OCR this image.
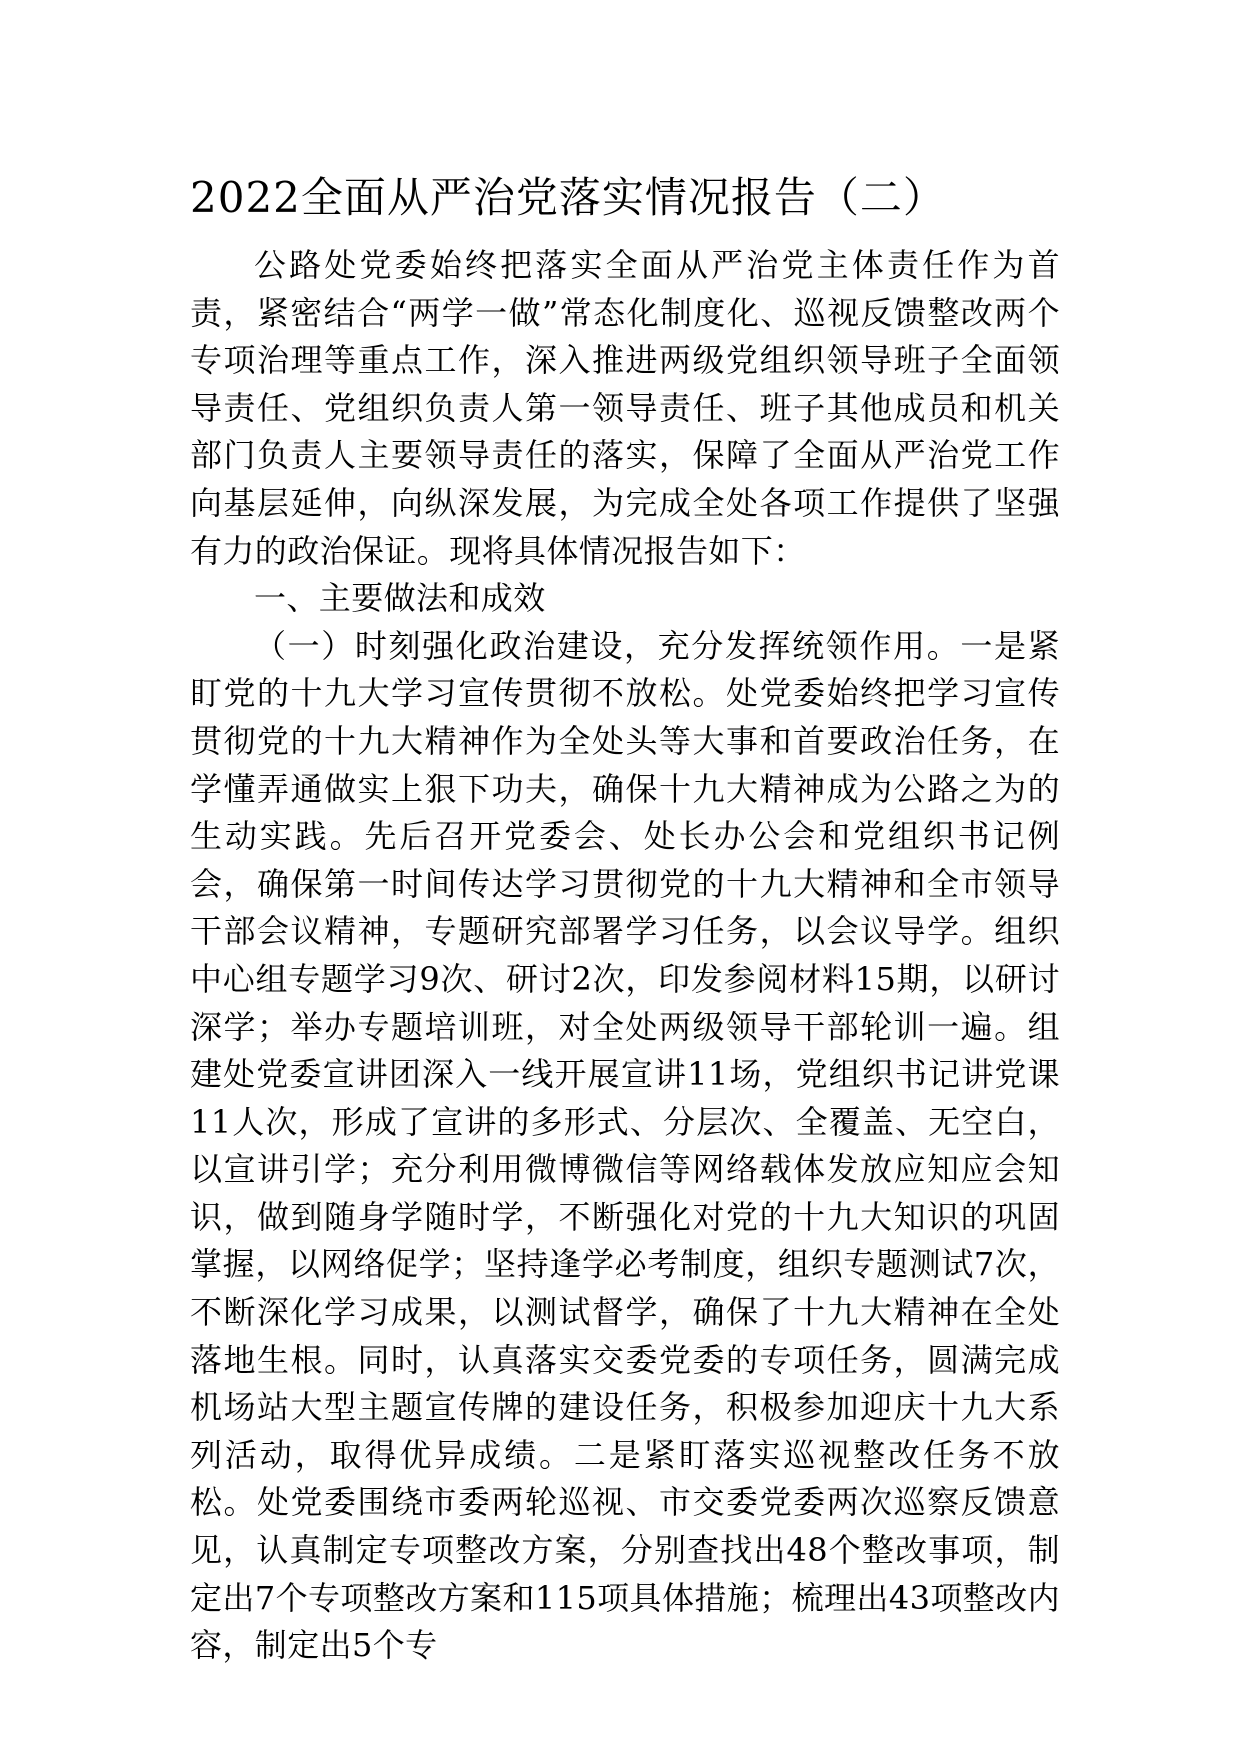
2022全面从严治党落实情况报告（二）

公路处党委始终把落实全面从严治党主体责任作为首责，紧密结合“两学一做”常态化制度化、巡视反馈整改两个专项治理等重点工作，深入推进两级党组织领导班子全面领导责任、党组织负责人第一领导责任、班子其他成员和机关部门负责人主要领导责任的落实，保障了全面从严治党工作向基层延伸，向纵深发展，为完成全处各项工作提供了坚强有力的政治保证。现将具体情况报告如下：

一、主要做法和成效

（一）时刻强化政治建设，充分发挥统领作用。一是紧盯党的十九大学习宣传贯彻不放松。处党委始终把学习宣传贯彻党的十九大精神作为全处头等大事和首要政治任务，在学懂弄通做实上狠下功夫，确保十九大精神成为公路之为的生动实践。先后召开党委会、处长办公会和党组织书记例会，确保第一时间传达学习贯彻党的十九大精神和全市领导干部会议精神，专题研究部署学习任务，以会议导学。组织中心组专题学习9次、研讨2次，印发参阅材料15期，以研讨深学；举办专题培训班，对全处两级领导干部轮训一遍。组建处党委宣讲团深入一线开展宣讲11场，党组织书记讲党课11人次，形成了宣讲的多形式、分层次、全覆盖、无空白，以宣讲引学；充分利用微博微信等网络载体发放应知应会知识，做到随身学随时学，不断强化对党的十九大知识的巩固掌握，以网络促学；坚持逢学必考制度，组织专题测试7次，不断深化学习成果，以测试督学，确保了十九大精神在全处落地生根。同时，认真落实交委党委的专项任务，圆满完成机场站大型主题宣传牌的建设任务，积极参加迎庆十九大系列活动，取得优异成绩。二是紧盯落实巡视整改任务不放松。处党委围绕市委两轮巡视、市交委党委两次巡察反馈意见，认真制定专项整改方案，分别查找出48个整改事项，制定出7个专项整改方案和115项具体措施；梳理出43项整改内容，制定出5个专
